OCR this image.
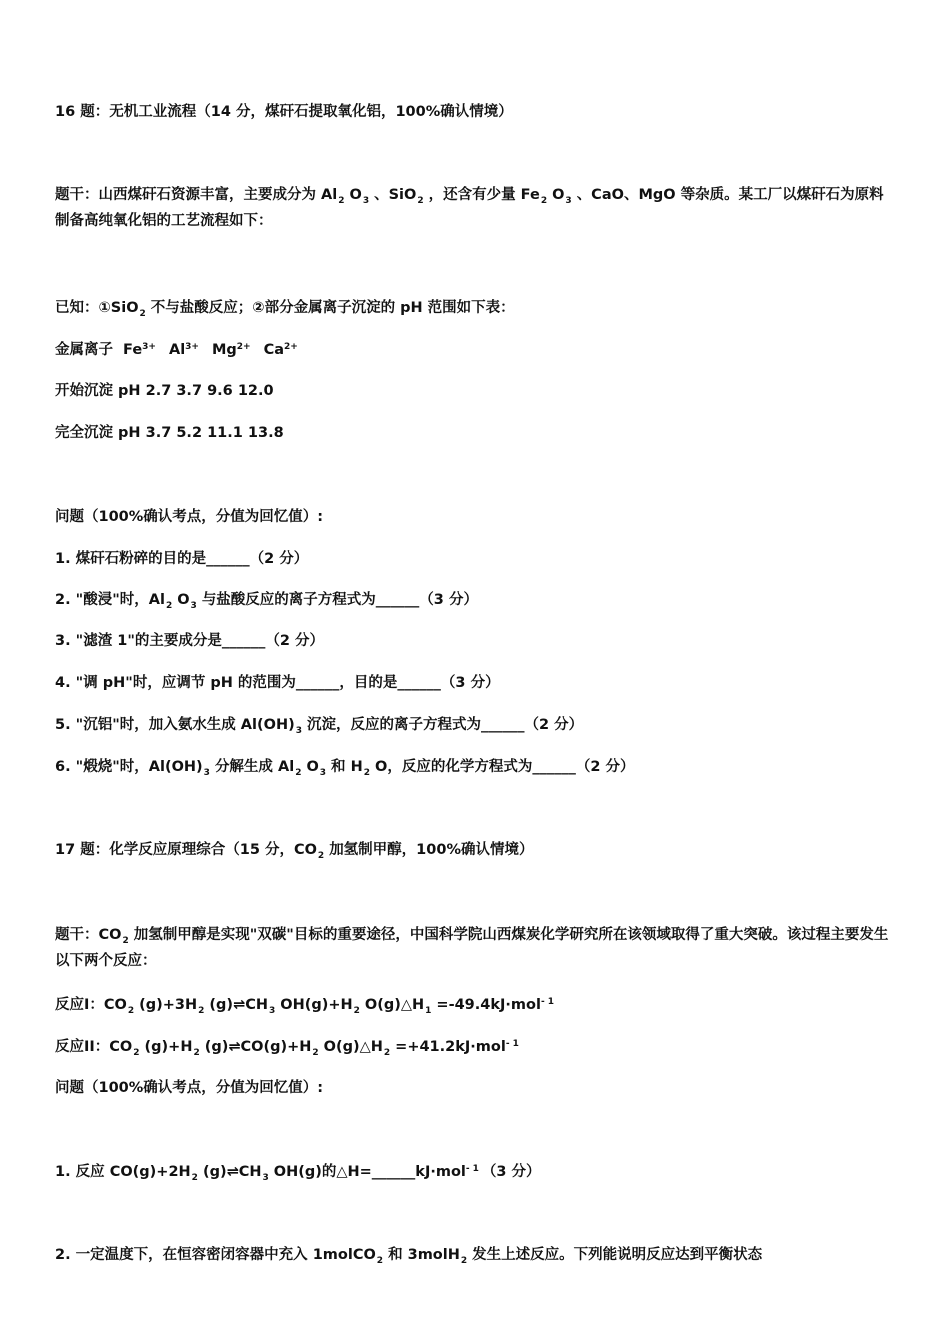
16 题：无机工业流程（14 分，煤矸石提取氧化铝，100%确认情境）
题干：山西煤矸石资源丰富，主要成分为 $Al_2$ $O_3$ 、SiO$_2$ ，还含有少量 $Fe_2$ $O_3$ 、CaO、MgO 等杂质。某工厂以煤矸石为原料制备高纯氧化铝的工艺流程如下：
已知：①SiO$_2$ 不与盐酸反应；②部分金属离子沉淀的 pH 范围如下表：
金属离子 $Fe^{3+}$ $Al^{3+}$ $Mg^{2+}$ $Ca^{2+}$
开始沉淀 pH 2.7 3.7 9.6 12.0
完全沉淀 pH 3.7 5.2 11.1 13.8
问题（100%确认考点，分值为回忆值）:
1. 煤矸石粉碎的目的是______（2 分）
2. "酸浸"时，$Al_2$ $O_3$ 与盐酸反应的离子方程式为______（3 分）
3. "滤渣 1"的主要成分是______（2 分）
4. "调 pH"时，应调节 pH 的范围为______，目的是______（3 分）
5. "沉铝"时，加入氨水生成 $Al(OH)_3$ 沉淀，反应的离子方程式为______（2 分）
6. "煅烧"时，$Al(OH)_3$ 分解生成 $Al_2$ $O_3$ 和 $H_2$ O，反应的化学方程式为______（2 分）
17 题：化学反应原理综合（15 分，$CO_2$ 加氢制甲醇，100%确认情境）
题干：$CO_2$ 加氢制甲醇是实现"双碳"目标的重要途径，中国科学院山西煤炭化学研究所在该领域取得了重大突破。该过程主要发生以下两个反应：
反应I：$CO_2$ $(g)+3H_2$ $(g)\rightleftharpoons CH_3$ $OH(g)+H_2$ $O(g)\triangle H_1 =-49.4kJ\cdot mol^-$ $^1$
反应II：$CO_2$ $(g)+H_2$ $(g)\rightleftharpoons CO(g)+H_2$ $O(g)\triangle H_2 =+41.2kJ\cdot mol^-$ $^1$
问题（100%确认考点，分值为回忆值）:
1. 反应 $CO(g)+2H_2$ $(g)\rightleftharpoons CH_3$ OH(g)的△H=______kJ·mol- $^1$ （3 分）
2. 一定温度下，在恒容密闭容器中充入 1molCO$_2$ 和 3molH$_2$ 发生上述反应。下列能说明反应达到平衡状态
